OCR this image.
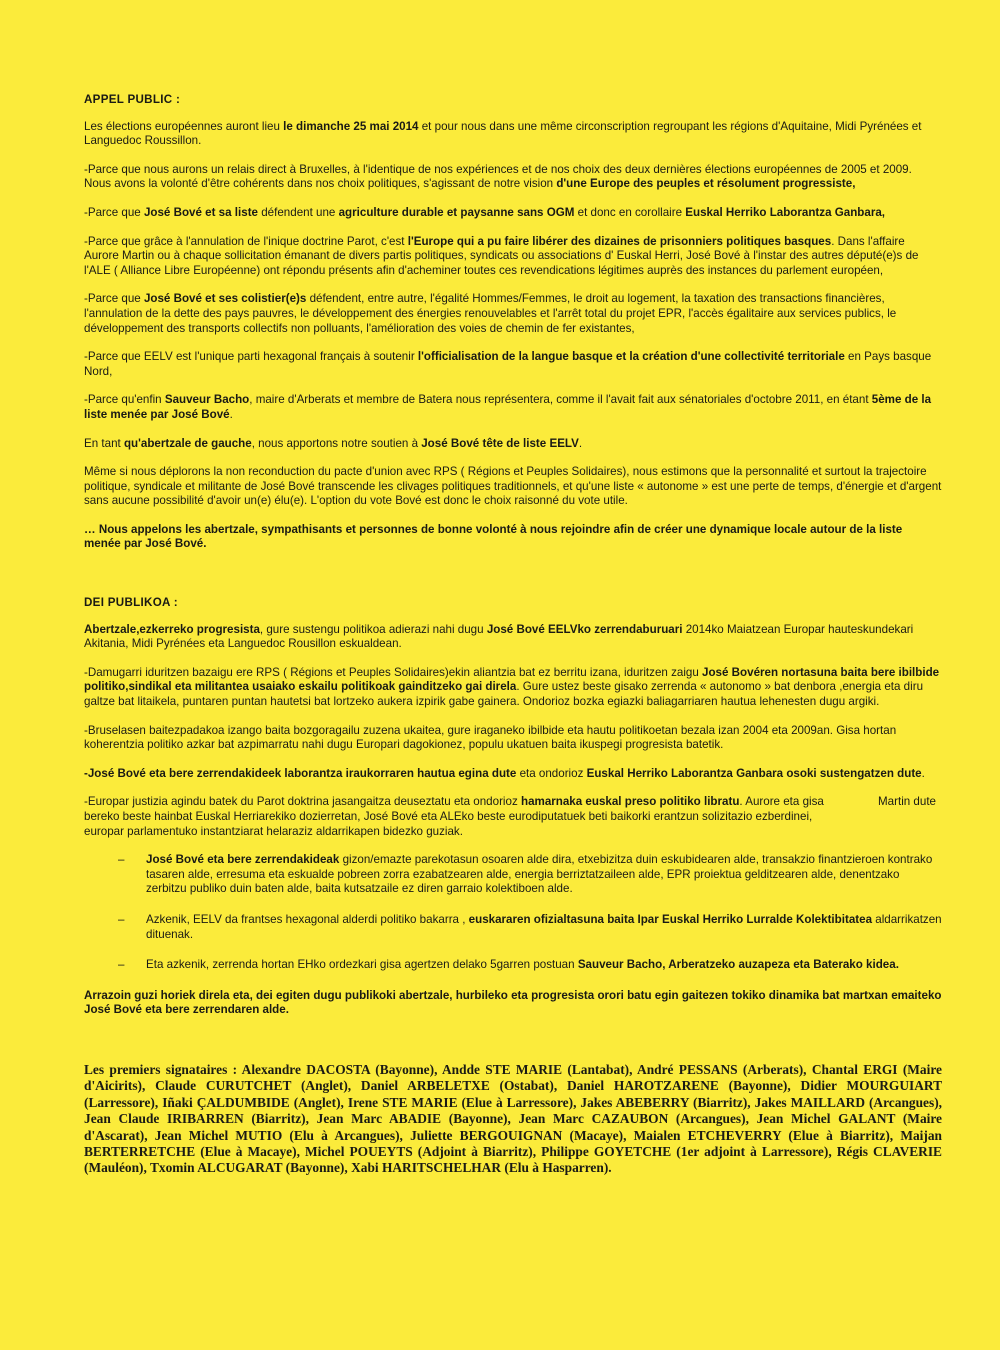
APPEL PUBLIC :

Les élections européennes auront lieu le dimanche 25 mai 2014 et pour nous dans une même circonscription regroupant les régions d'Aquitaine, Midi Pyrénées et Languedoc Roussillon.

-Parce que nous aurons un relais direct à Bruxelles, à l'identique de nos expériences et de nos choix des deux dernières élections européennes de 2005 et 2009. Nous avons la volonté d'être cohérents dans nos choix politiques, s'agissant de notre vision d'une Europe des peuples et résolument progressiste,

-Parce que José Bové et sa liste défendent une agriculture durable et paysanne sans OGM et donc en corollaire Euskal Herriko Laborantza Ganbara,

-Parce que grâce à l'annulation de l'inique doctrine Parot, c'est l'Europe qui a pu faire libérer des dizaines de prisonniers politiques basques. Dans l'affaire Aurore Martin ou à chaque sollicitation émanant de divers partis politiques, syndicats ou associations d' Euskal Herri, José Bové à l'instar des autres député(e)s de l'ALE ( Alliance Libre Européenne) ont répondu présents afin d'acheminer toutes ces revendications légitimes auprès des instances du parlement européen,

-Parce que José Bové et ses colistier(e)s défendent, entre autre, l'égalité Hommes/Femmes, le droit au logement, la taxation des transactions financières, l'annulation de la dette des pays pauvres, le développement des énergies renouvelables et l'arrêt total du projet EPR, l'accès égalitaire aux services publics, le développement des transports collectifs non polluants, l'amélioration des voies de chemin de fer existantes,

-Parce que EELV est l'unique parti hexagonal français à soutenir l'officialisation de la langue basque et la création d'une collectivité territoriale en Pays basque Nord,

-Parce qu'enfin Sauveur Bacho, maire d'Arberats et membre de Batera nous représentera, comme il l'avait fait aux sénatoriales d'octobre 2011, en étant 5ème de la liste menée par José Bové.

En tant qu'abertzale de gauche, nous apportons notre soutien à José Bové tête de liste EELV.

Même si nous déplorons la non reconduction du pacte d'union avec RPS ( Régions et Peuples Solidaires), nous estimons que la personnalité et surtout la trajectoire politique, syndicale et militante de José Bové transcende les clivages politiques traditionnels, et qu'une liste « autonome » est une perte de temps, d'énergie et d'argent sans aucune possibilité d'avoir un(e) élu(e). L'option du vote Bové est donc le choix raisonné du vote utile.

… Nous appelons les abertzale, sympathisants et personnes de bonne volonté à nous rejoindre afin de créer une dynamique locale autour de la liste menée par José Bové.

DEI PUBLIKOA :

Abertzale,ezkerreko progresista, gure sustengu politikoa adierazi nahi dugu José Bové EELVko zerrendaburuari 2014ko Maiatzean Europar hauteskundekari Akitania, Midi Pyrénées eta Languedoc Rousillon eskualdean.

-Damugarri iduritzen bazaigu ere RPS ( Régions et Peuples Solidaires)ekin aliantzia bat ez berritu izana, iduritzen zaigu José Bovéren nortasuna baita bere ibilbide politiko,sindikal eta militantea usaiako eskailu politikoak gainditzeko gai direla. Gure ustez beste gisako zerrenda « autonomo » bat denbora ,energia eta diru galtze bat litaikela, puntaren puntan hautetsi bat lortzeko aukera izpirik gabe gainera. Ondorioz bozka egiazki baliagarriaren hautua lehenesten dugu argiki.

-Bruselasen baitezpadakoa izango baita bozgoragailu zuzena ukaitea, gure iraganeko ibilbide eta hautu politikoetan bezala izan 2004 eta 2009an. Gisa hortan koherentzia politiko azkar bat azpimarratu nahi dugu Europari dagokionez, populu ukatuen baita ikuspegi progresista batetik.

-José Bové eta bere zerrendakideek laborantza iraukorraren hautua egina dute eta ondorioz Euskal Herriko Laborantza Ganbara osoki sustengatzen dute.

-Europar justizia agindu batek du Parot doktrina jasangaitza deuseztatu eta ondorioz hamarnaka euskal preso politiko libratu. Aurore eta gisa bereko beste hainbat Euskal Herriarekiko dozierretan, José Bové eta ALEko beste eurodiputatuek beti baikorki erantzun solizitazio ezberdinei, europar parlamentuko instantziarat helaraziz aldarrikapen bidezko guziak.

Martin dute
– José Bové eta bere zerrendakideak gizon/emazte parekotasun osoaren alde dira, etxebizitza duin eskubidearen alde, transakzio finantzieroen kontrako tasaren alde, erresuma eta eskualde pobreen zorra ezabatzearen alde, energia berriztatzaileen alde, EPR proiektua gelditzearen alde, denentzako zerbitzu publiko duin baten alde, baita kutsatzaile ez diren garraio kolektiboen alde.
– Azkenik, EELV da frantses hexagonal alderdi politiko bakarra , euskararen ofizialtasuna baita Ipar Euskal Herriko Lurralde Kolektibitatea aldarrikatzen dituenak.
– Eta azkenik, zerrenda hortan EHko ordezkari gisa agertzen delako 5garren postuan Sauveur Bacho, Arberatzeko auzapeza eta Baterako kidea.

Arrazoin guzi horiek direla eta, dei egiten dugu publikoki abertzale, hurbileko eta progresista orori batu egin gaitezen tokiko dinamika bat martxan emaiteko José Bové eta bere zerrendaren alde.

Les premiers signataires : Alexandre DACOSTA (Bayonne), Andde STE MARIE (Lantabat), André PESSANS (Arberats), Chantal ERGI (Maire d'Aicirits), Claude CURUTCHET (Anglet), Daniel ARBELETXE (Ostabat), Daniel HAROTZARENE (Bayonne), Didier MOURGUIART (Larressore), Iñaki ÇALDUMBIDE (Anglet), Irene STE MARIE (Elue à Larressore), Jakes ABEBERRY (Biarritz), Jakes MAILLARD (Arcangues), Jean Claude IRIBARREN (Biarritz), Jean Marc ABADIE (Bayonne), Jean Marc CAZAUBON (Arcangues), Jean Michel GALANT (Maire d'Ascarat), Jean Michel MUTIO (Elu à Arcangues), Juliette BERGOUIGNAN (Macaye), Maialen ETCHEVERRY (Elue à Biarritz), Maijan BERTERRETCHE (Elue à Macaye), Michel POUEYTS (Adjoint à Biarritz), Philippe GOYETCHE (1er adjoint à Larressore), Régis CLAVERIE (Mauléon), Txomin ALCUGARAT (Bayonne), Xabi HARITSCHELHAR (Elu à Hasparren).
